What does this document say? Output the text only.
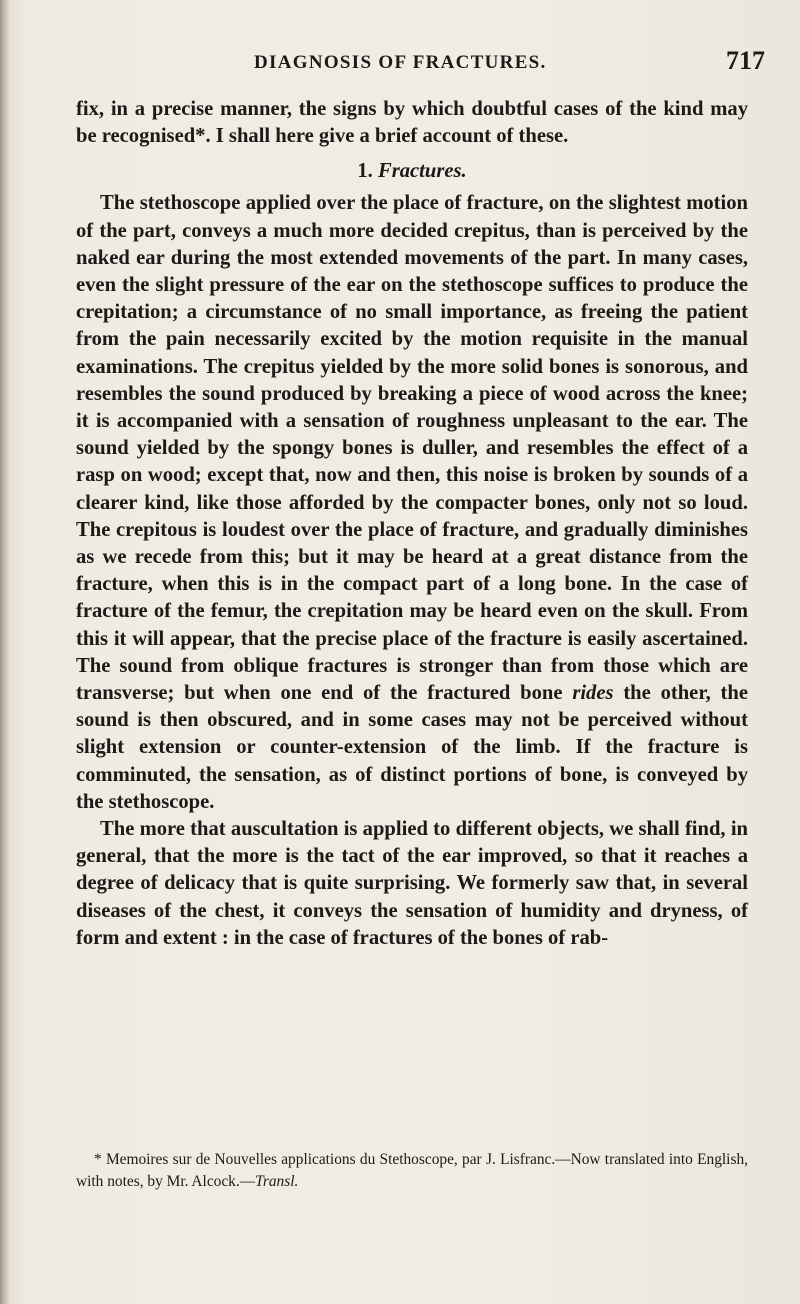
DIAGNOSIS OF FRACTURES.	717

fix, in a precise manner, the signs by which doubtful cases of the kind may be recognised*. I shall here give a brief account of these.

1. Fractures.

The stethoscope applied over the place of fracture, on the slightest motion of the part, conveys a much more decided crepitus, than is perceived by the naked ear during the most extended movements of the part. In many cases, even the slight pressure of the ear on the stethoscope suffices to produce the crepitation; a circumstance of no small importance, as freeing the patient from the pain necessarily excited by the motion requisite in the manual examinations. The crepitus yielded by the more solid bones is sonorous, and resembles the sound produced by breaking a piece of wood across the knee; it is accompanied with a sensation of roughness unpleasant to the ear. The sound yielded by the spongy bones is duller, and resembles the effect of a rasp on wood; except that, now and then, this noise is broken by sounds of a clearer kind, like those afforded by the compacter bones, only not so loud. The crepitous is loudest over the place of fracture, and gradually diminishes as we recede from this; but it may be heard at a great distance from the fracture, when this is in the compact part of a long bone. In the case of fracture of the femur, the crepitation may be heard even on the skull. From this it will appear, that the precise place of the fracture is easily ascertained. The sound from oblique fractures is stronger than from those which are transverse; but when one end of the fractured bone rides the other, the sound is then obscured, and in some cases may not be perceived without slight extension or counter-extension of the limb. If the fracture is comminuted, the sensation, as of distinct portions of bone, is conveyed by the stethoscope.

The more that auscultation is applied to different objects, we shall find, in general, that the more is the tact of the ear improved, so that it reaches a degree of delicacy that is quite surprising. We formerly saw that, in several diseases of the chest, it conveys the sensation of humidity and dryness, of form and extent : in the case of fractures of the bones of rab-

* Memoires sur de Nouvelles applications du Stethoscope, par J. Lisfranc.—Now translated into English, with notes, by Mr. Alcock.—Transl.
